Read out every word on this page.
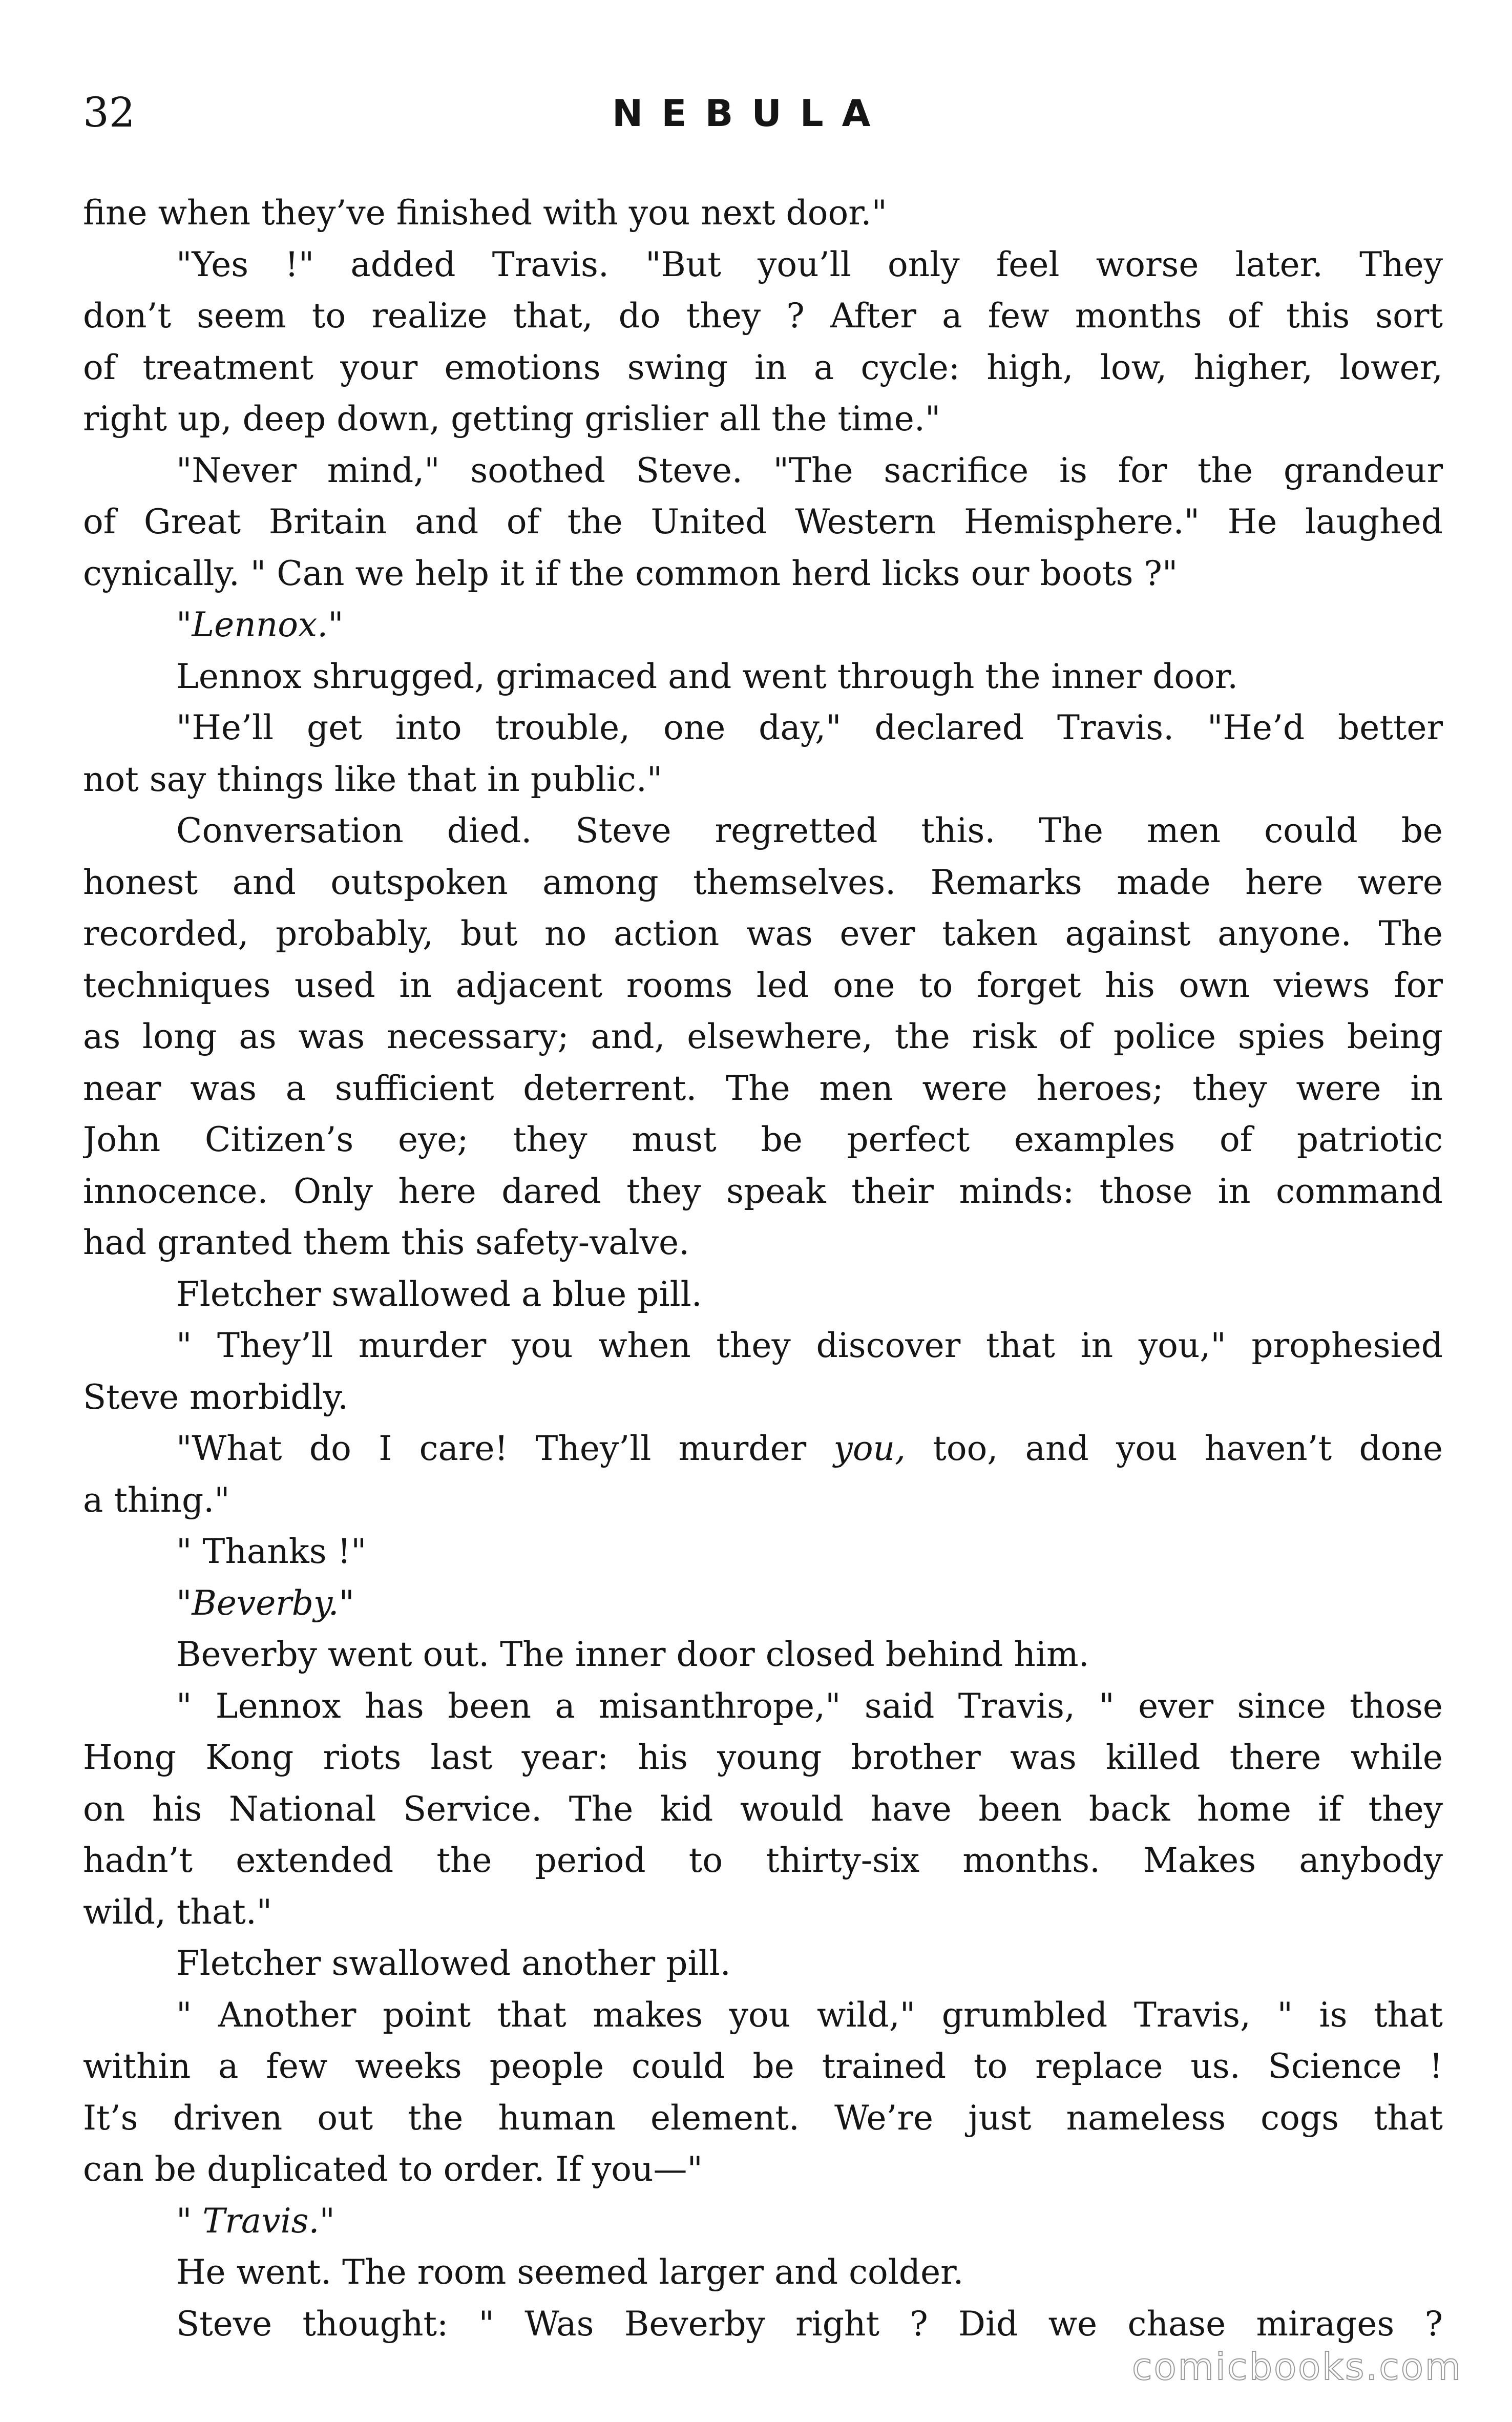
32	NEBULA
fine when they’ve finished with you next door."
"Yes !" added Travis. "But you’ll only feel worse later. They
don’t seem to realize that, do they ? After a few months of this sort
of treatment your emotions swing in a cycle: high, low, higher, lower,
right up, deep down, getting grislier all the time."
"Never mind," soothed Steve. "The sacrifice is for the grandeur
of Great Britain and of the United Western Hemisphere." He laughed
cynically. " Can we help it if the common herd licks our boots ?"
"Lennox."
Lennox shrugged, grimaced and went through the inner door.
"He’ll get into trouble, one day," declared Travis. "He’d better
not say things like that in public."
Conversation died. Steve regretted this. The men could be
honest and outspoken among themselves. Remarks made here were
recorded, probably, but no action was ever taken against anyone. The
techniques used in adjacent rooms led one to forget his own views for
as long as was necessary; and, elsewhere, the risk of police spies being
near was a sufficient deterrent. The men were heroes; they were in
John Citizen’s eye; they must be perfect examples of patriotic
innocence. Only here dared they speak their minds: those in command
had granted them this safety-valve.
Fletcher swallowed a blue pill.
" They’ll murder you when they discover that in you," prophesied
Steve morbidly.
"What do I care! They’ll murder you, too, and you haven’t done
a thing."
" Thanks !"
"Beverby."
Beverby went out. The inner door closed behind him.
" Lennox has been a misanthrope," said Travis, " ever since those
Hong Kong riots last year: his young brother was killed there while
on his National Service. The kid would have been back home if they
hadn’t extended the period to thirty-six months. Makes anybody
wild, that."
Fletcher swallowed another pill.
" Another point that makes you wild," grumbled Travis, " is that
within a few weeks people could be trained to replace us. Science !
It’s driven out the human element. We’re just nameless cogs that
can be duplicated to order. If you—"
" Travis."
He went. The room seemed larger and colder.
Steve thought: " Was Beverby right ? Did we chase mirages ?
comicbooks.com
